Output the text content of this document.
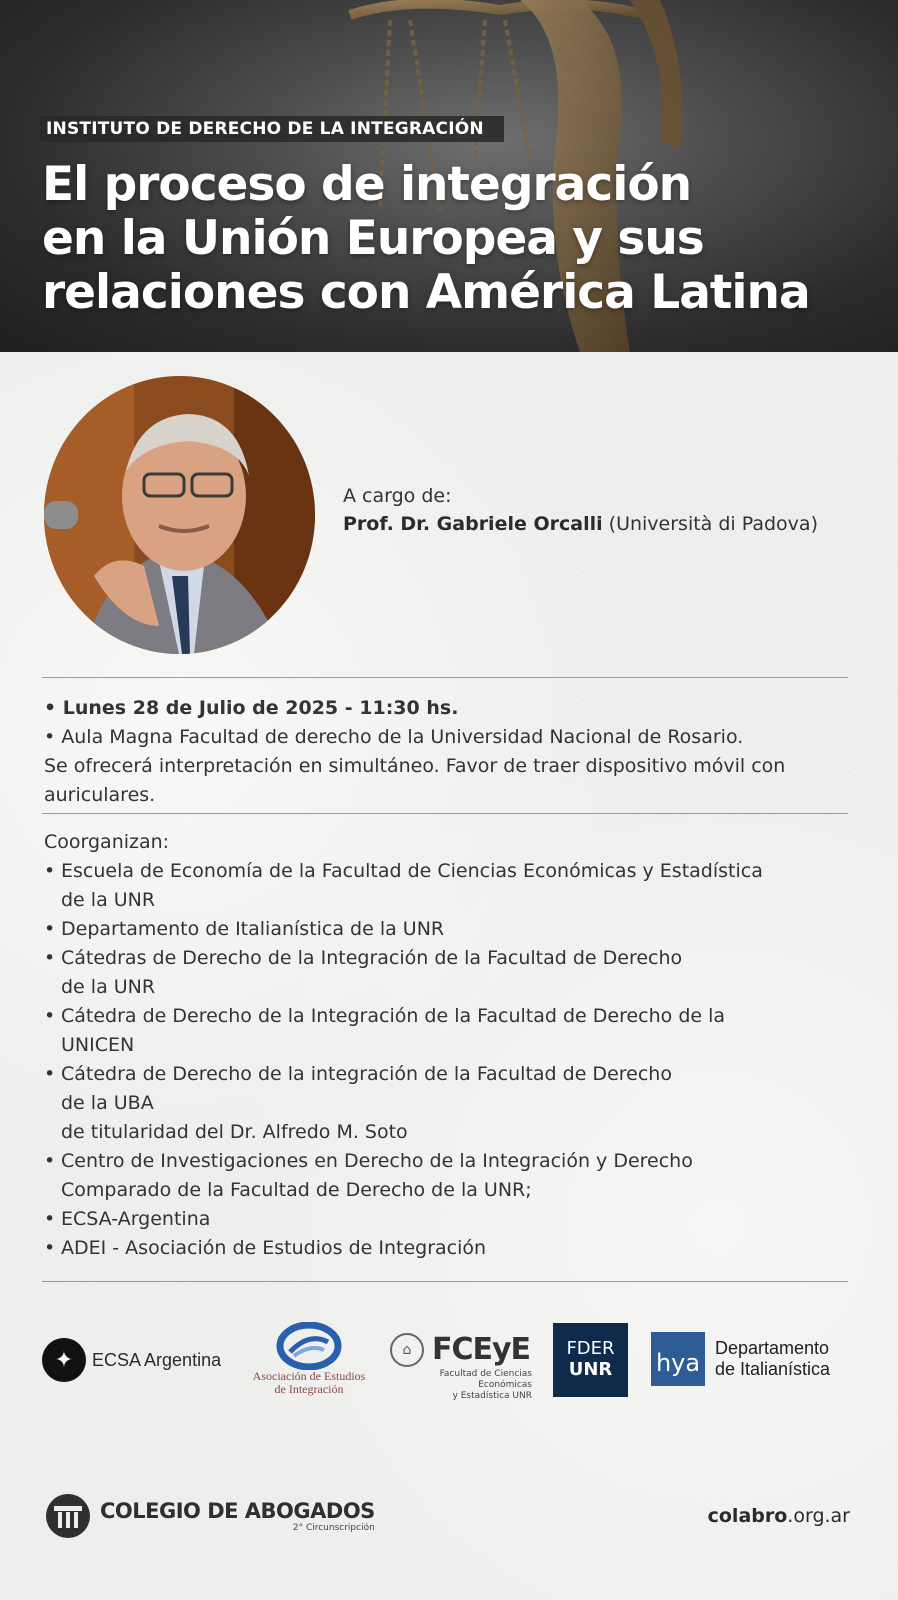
INSTITUTO DE DERECHO DE LA INTEGRACIÓN
El proceso de integración
en la Unión Europea y sus
relaciones con América Latina
A cargo de:
Prof. Dr. Gabriele Orcalli (Università di Padova)
• Lunes 28 de Julio de 2025 - 11:30 hs.
• Aula Magna Facultad de derecho de la Universidad Nacional de Rosario.
Se ofrecerá interpretación en simultáneo. Favor de traer dispositivo móvil con auriculares.
Coorganizan:
• Escuela de Economía de la Facultad de Ciencias Económicas y Estadística
de la UNR
• Departamento de Italianística de la UNR
• Cátedras de Derecho de la Integración de la Facultad de Derecho
de la UNR
• Cátedra de Derecho de la Integración de la Facultad de Derecho de la
UNICEN
• Cátedra de Derecho de la integración de la Facultad de Derecho
de la UBA
de titularidad del Dr. Alfredo M. Soto
• Centro de Investigaciones en Derecho de la Integración y Derecho
Comparado de la Facultad de Derecho de la UNR;
• ECSA-Argentina
• ADEI - Asociación de Estudios de Integración
✦	ECSA Argentina
Asociación de Estudios
de Integración
⌂ FCEyE
Facultad de Ciencias Económicas
y Estadística UNR
FDER
UNR	hya
Departamento
de Italianística
COLEGIO DE ABOGADOS
2° Circunscripción
colabro.org.ar
